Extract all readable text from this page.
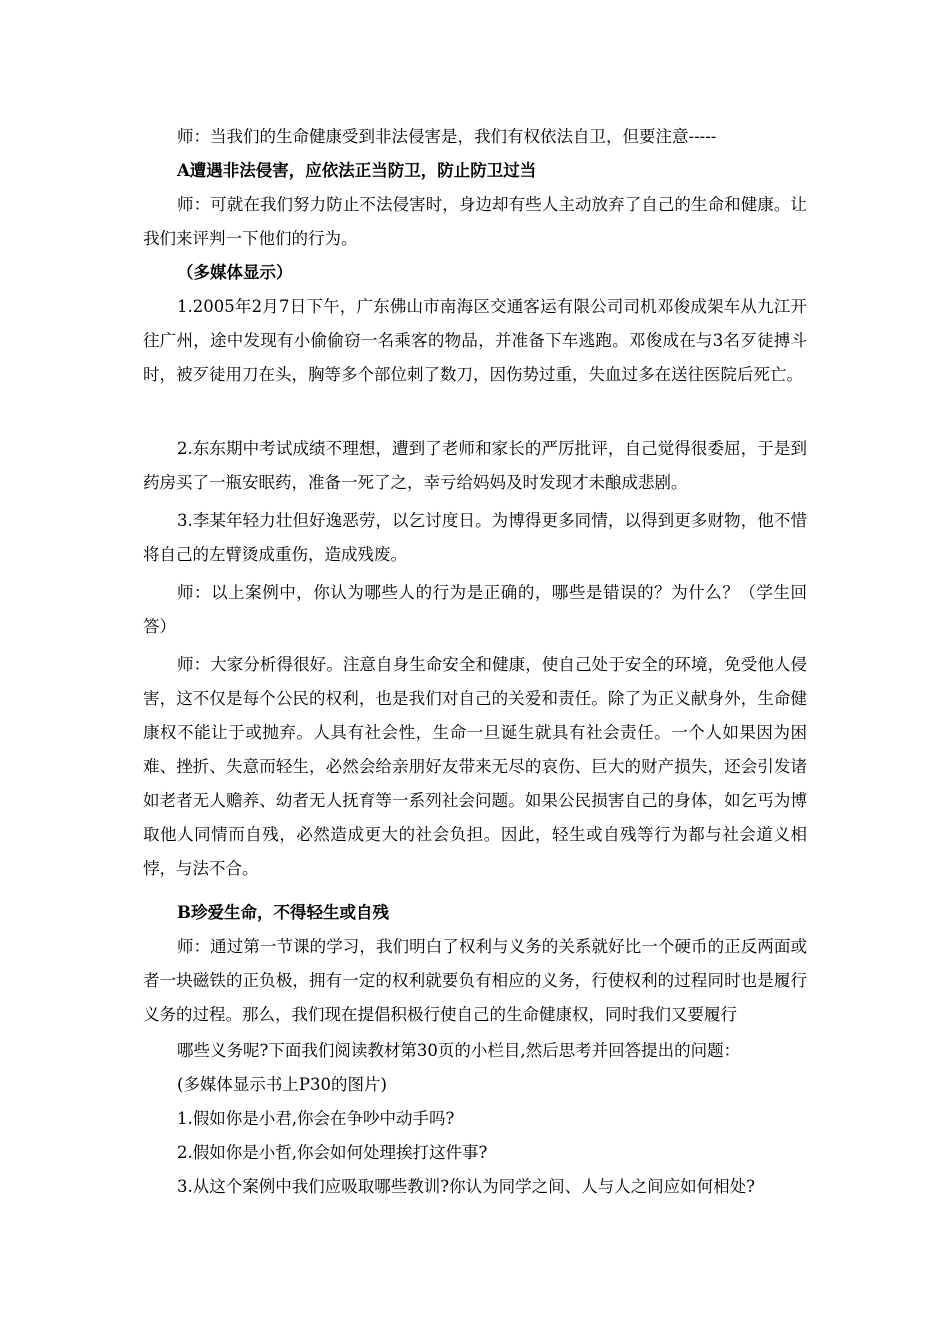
师：当我们的生命健康受到非法侵害是，我们有权依法自卫，但要注意-----

A遭遇非法侵害，应依法正当防卫，防止防卫过当

师：可就在我们努力防止不法侵害时，身边却有些人主动放弃了自己的生命和健康。让我们来评判一下他们的行为。

（多媒体显示）

1.2005年2月7日下午，广东佛山市南海区交通客运有限公司司机邓俊成架车从九江开往广州，途中发现有小偷偷窃一名乘客的物品，并准备下车逃跑。邓俊成在与3名歹徒搏斗时，被歹徒用刀在头，胸等多个部位刺了数刀，因伤势过重，失血过多在送往医院后死亡。

2.东东期中考试成绩不理想，遭到了老师和家长的严厉批评，自己觉得很委屈，于是到药房买了一瓶安眠药，准备一死了之，幸亏给妈妈及时发现才未酿成悲剧。

3.李某年轻力壮但好逸恶劳，以乞讨度日。为博得更多同情，以得到更多财物，他不惜将自己的左臂烫成重伤，造成残废。

师：以上案例中，你认为哪些人的行为是正确的，哪些是错误的？为什么？（学生回答）

师：大家分析得很好。注意自身生命安全和健康，使自己处于安全的环境，免受他人侵害，这不仅是每个公民的权利，也是我们对自己的关爱和责任。除了为正义献身外，生命健康权不能让于或抛弃。人具有社会性，生命一旦诞生就具有社会责任。一个人如果因为困难、挫折、失意而轻生，必然会给亲朋好友带来无尽的哀伤、巨大的财产损失，还会引发诸如老者无人赡养、幼者无人抚育等一系列社会问题。如果公民损害自己的身体，如乞丐为博取他人同情而自残，必然造成更大的社会负担。因此，轻生或自残等行为都与社会道义相悖，与法不合。

B珍爱生命，不得轻生或自残

师：通过第一节课的学习，我们明白了权利与义务的关系就好比一个硬币的正反两面或者一块磁铁的正负极，拥有一定的权利就要负有相应的义务，行使权利的过程同时也是履行义务的过程。那么，我们现在提倡积极行使自己的生命健康权，同时我们又要履行

哪些义务呢?下面我们阅读教材第30页的小栏目,然后思考并回答提出的问题：

(多媒体显示书上P30的图片)

1.假如你是小君,你会在争吵中动手吗?

2.假如你是小哲,你会如何处理挨打这件事?

3.从这个案例中我们应吸取哪些教训?你认为同学之间、人与人之间应如何相处?
